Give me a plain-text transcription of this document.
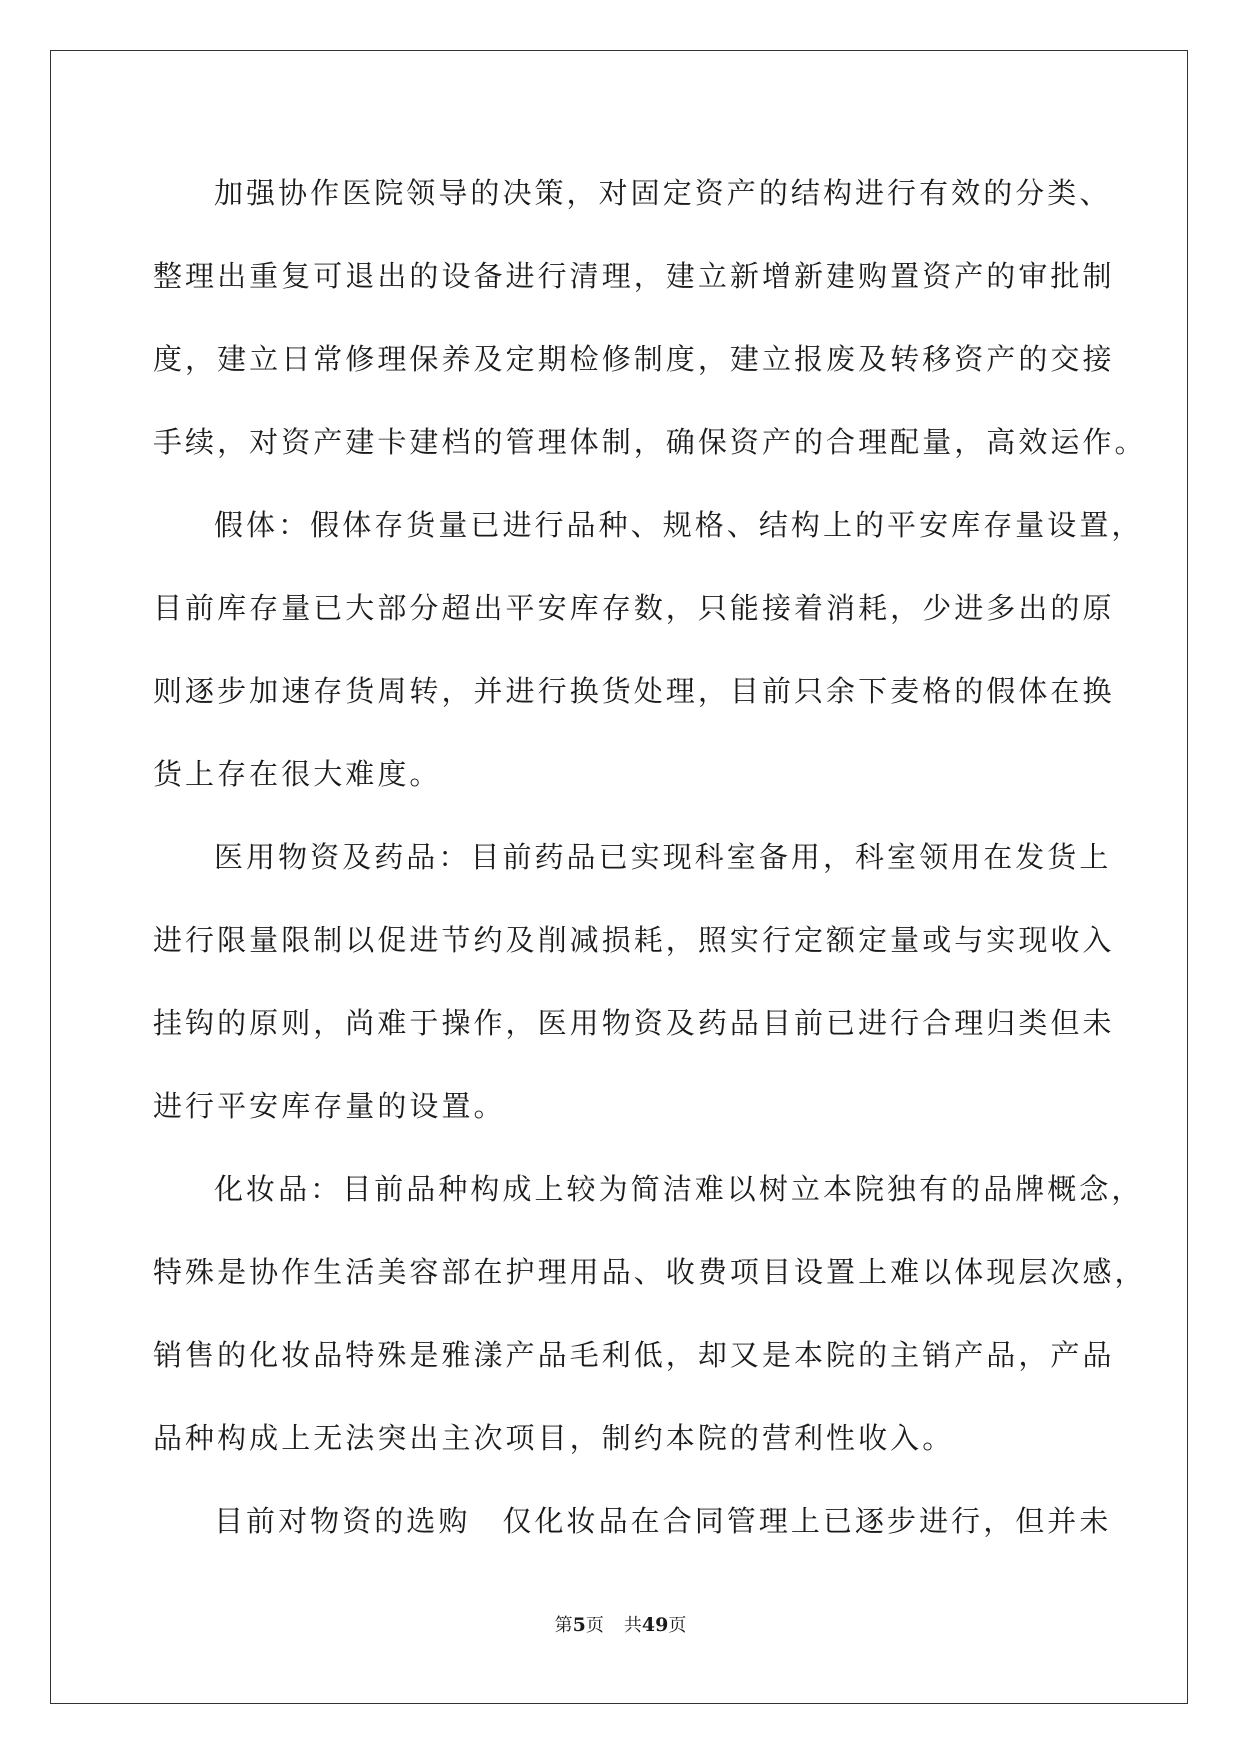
加强协作医院领导的决策，对固定资产的结构进行有效的分类、
整理出重复可退出的设备进行清理，建立新增新建购置资产的审批制
度，建立日常修理保养及定期检修制度，建立报废及转移资产的交接
手续，对资产建卡建档的管理体制，确保资产的合理配量，高效运作。
假体：假体存货量已进行品种、规格、结构上的平安库存量设置，
目前库存量已大部分超出平安库存数，只能接着消耗，少进多出的原
则逐步加速存货周转，并进行换货处理，目前只余下麦格的假体在换
货上存在很大难度。
医用物资及药品：目前药品已实现科室备用，科室领用在发货上
进行限量限制以促进节约及削减损耗，照实行定额定量或与实现收入
挂钩的原则，尚难于操作，医用物资及药品目前已进行合理归类但未
进行平安库存量的设置。
化妆品：目前品种构成上较为简洁难以树立本院独有的品牌概念，
特殊是协作生活美容部在护理用品、收费项目设置上难以体现层次感，
销售的化妆品特殊是雅漾产品毛利低，却又是本院的主销产品，产品
品种构成上无法突出主次项目，制约本院的营利性收入。
目前对物资的选购　仅化妆品在合同管理上已逐步进行，但并未
第5页 共49页
